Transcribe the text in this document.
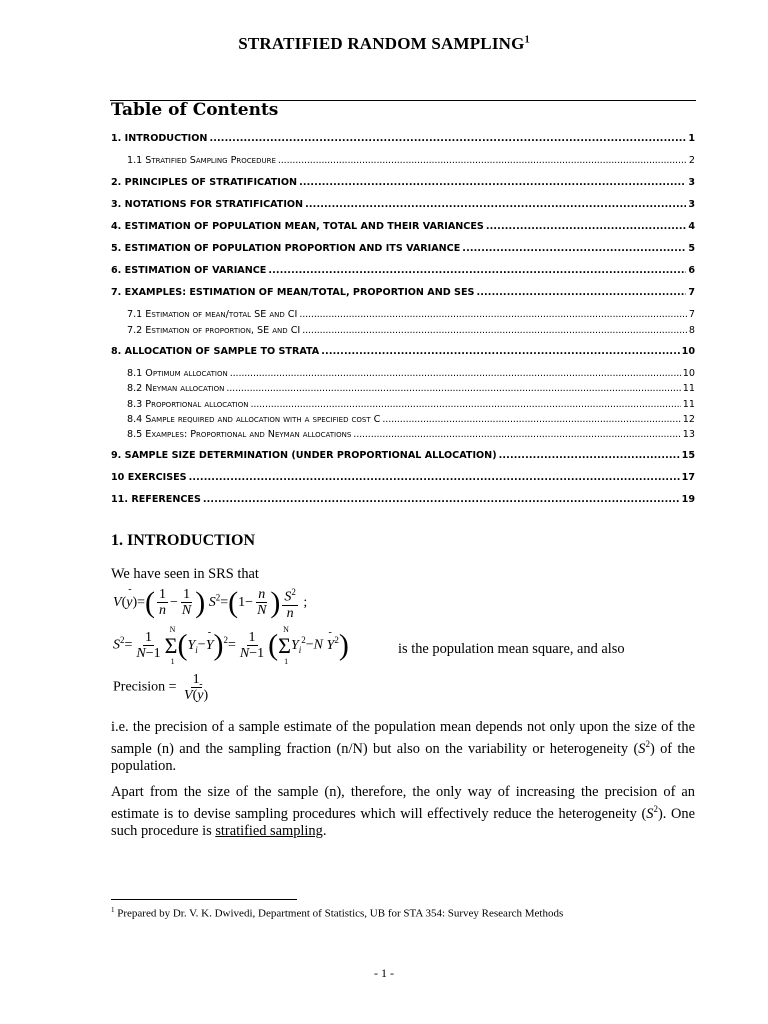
STRATIFIED RANDOM SAMPLING$^1$
Table of Contents
1. INTRODUCTION . . .	1
1.1 Stratified Sampling Procedure . . .	2
2. PRINCIPLES OF STRATIFICATION . . .	3
3. NOTATIONS FOR STRATIFICATION . . .	3
4. ESTIMATION OF POPULATION MEAN, TOTAL AND THEIR VARIANCES . . .	4
5. ESTIMATION OF POPULATION PROPORTION AND ITS VARIANCE . . .	5
6. ESTIMATION OF VARIANCE . . .	6
7. EXAMPLES: ESTIMATION OF MEAN/TOTAL, PROPORTION AND SES . . .	7
7.1 Estimation of mean/total SE and CI . . .	7
7.2 Estimation of proportion, SE and CI . . .	8
8. ALLOCATION OF SAMPLE TO STRATA . . .	10
8.1 Optimum allocation . . .	10
8.2 Neyman allocation . . .	11
8.3 Proportional allocation . . .	11
8.4 Sample required and allocation with a specified cost C . . .	12
8.5 Examples: Proportional and Neyman allocations . . .	13
9. SAMPLE SIZE DETERMINATION (UNDER PROPORTIONAL ALLOCATION) . . .	15
10 EXERCISES . . .	17
11. REFERENCES . . .	19
1. INTRODUCTION
We have seen in SRS that
V(- $y)=( \frac{1}{n} - \frac{1}{N}$ ) $S^2=(1- \frac{n}{N}$ ) $\frac{S^2}{n}$ ;
$S^2= \frac{1}{N-1}$ Σ
N
1 ($Y_i--$ $Y)^2= \frac{1}{N-1} (\Sigma$
N
1
$Y_i^2-N - Y^2$)	is the population mean square, and also
Precision = $\frac{1}{V(- y)}$
i.e. the precision of a sample estimate of the population mean depends not only upon the size of the sample (n) and the sampling fraction (n/N) but also on the variability or heterogeneity $(S^2)$ of the population.
Apart from the size of the sample (n), therefore, the only way of increasing the precision of an estimate is to devise sampling procedures which will effectively reduce the heterogeneity $(S^2)$. One such procedure is stratified sampling.
$^1$ Prepared by Dr. V. K. Dwivedi, Department of Statistics, UB for STA 354: Survey Research Methods
- 1 -
